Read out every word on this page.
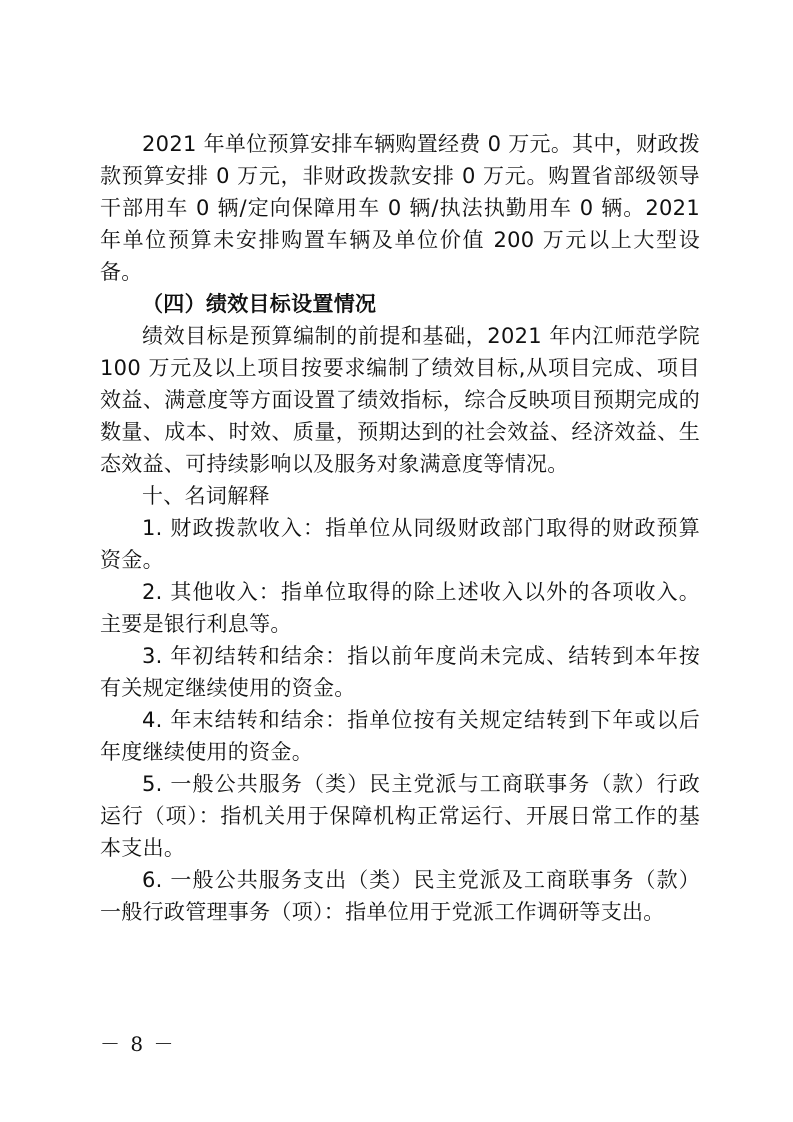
2021 年单位预算安排车辆购置经费 0 万元。其中，财政拨款预算安排 0 万元，非财政拨款安排 0 万元。购置省部级领导干部用车 0 辆/定向保障用车 0 辆/执法执勤用车 0 辆。2021 年单位预算未安排购置车辆及单位价值 200 万元以上大型设备。

（四）绩效目标设置情况

绩效目标是预算编制的前提和基础，2021 年内江师范学院 100 万元及以上项目按要求编制了绩效目标,从项目完成、项目效益、满意度等方面设置了绩效指标，综合反映项目预期完成的数量、成本、时效、质量，预期达到的社会效益、经济效益、生态效益、可持续影响以及服务对象满意度等情况。

十、名词解释

1. 财政拨款收入：指单位从同级财政部门取得的财政预算资金。

2. 其他收入：指单位取得的除上述收入以外的各项收入。主要是银行利息等。

3. 年初结转和结余：指以前年度尚未完成、结转到本年按有关规定继续使用的资金。

4. 年末结转和结余：指单位按有关规定结转到下年或以后年度继续使用的资金。

5. 一般公共服务（类）民主党派与工商联事务（款）行政运行（项）：指机关用于保障机构正常运行、开展日常工作的基本支出。

6. 一般公共服务支出（类）民主党派及工商联事务（款）一般行政管理事务（项）：指单位用于党派工作调研等支出。

－ 8 －
